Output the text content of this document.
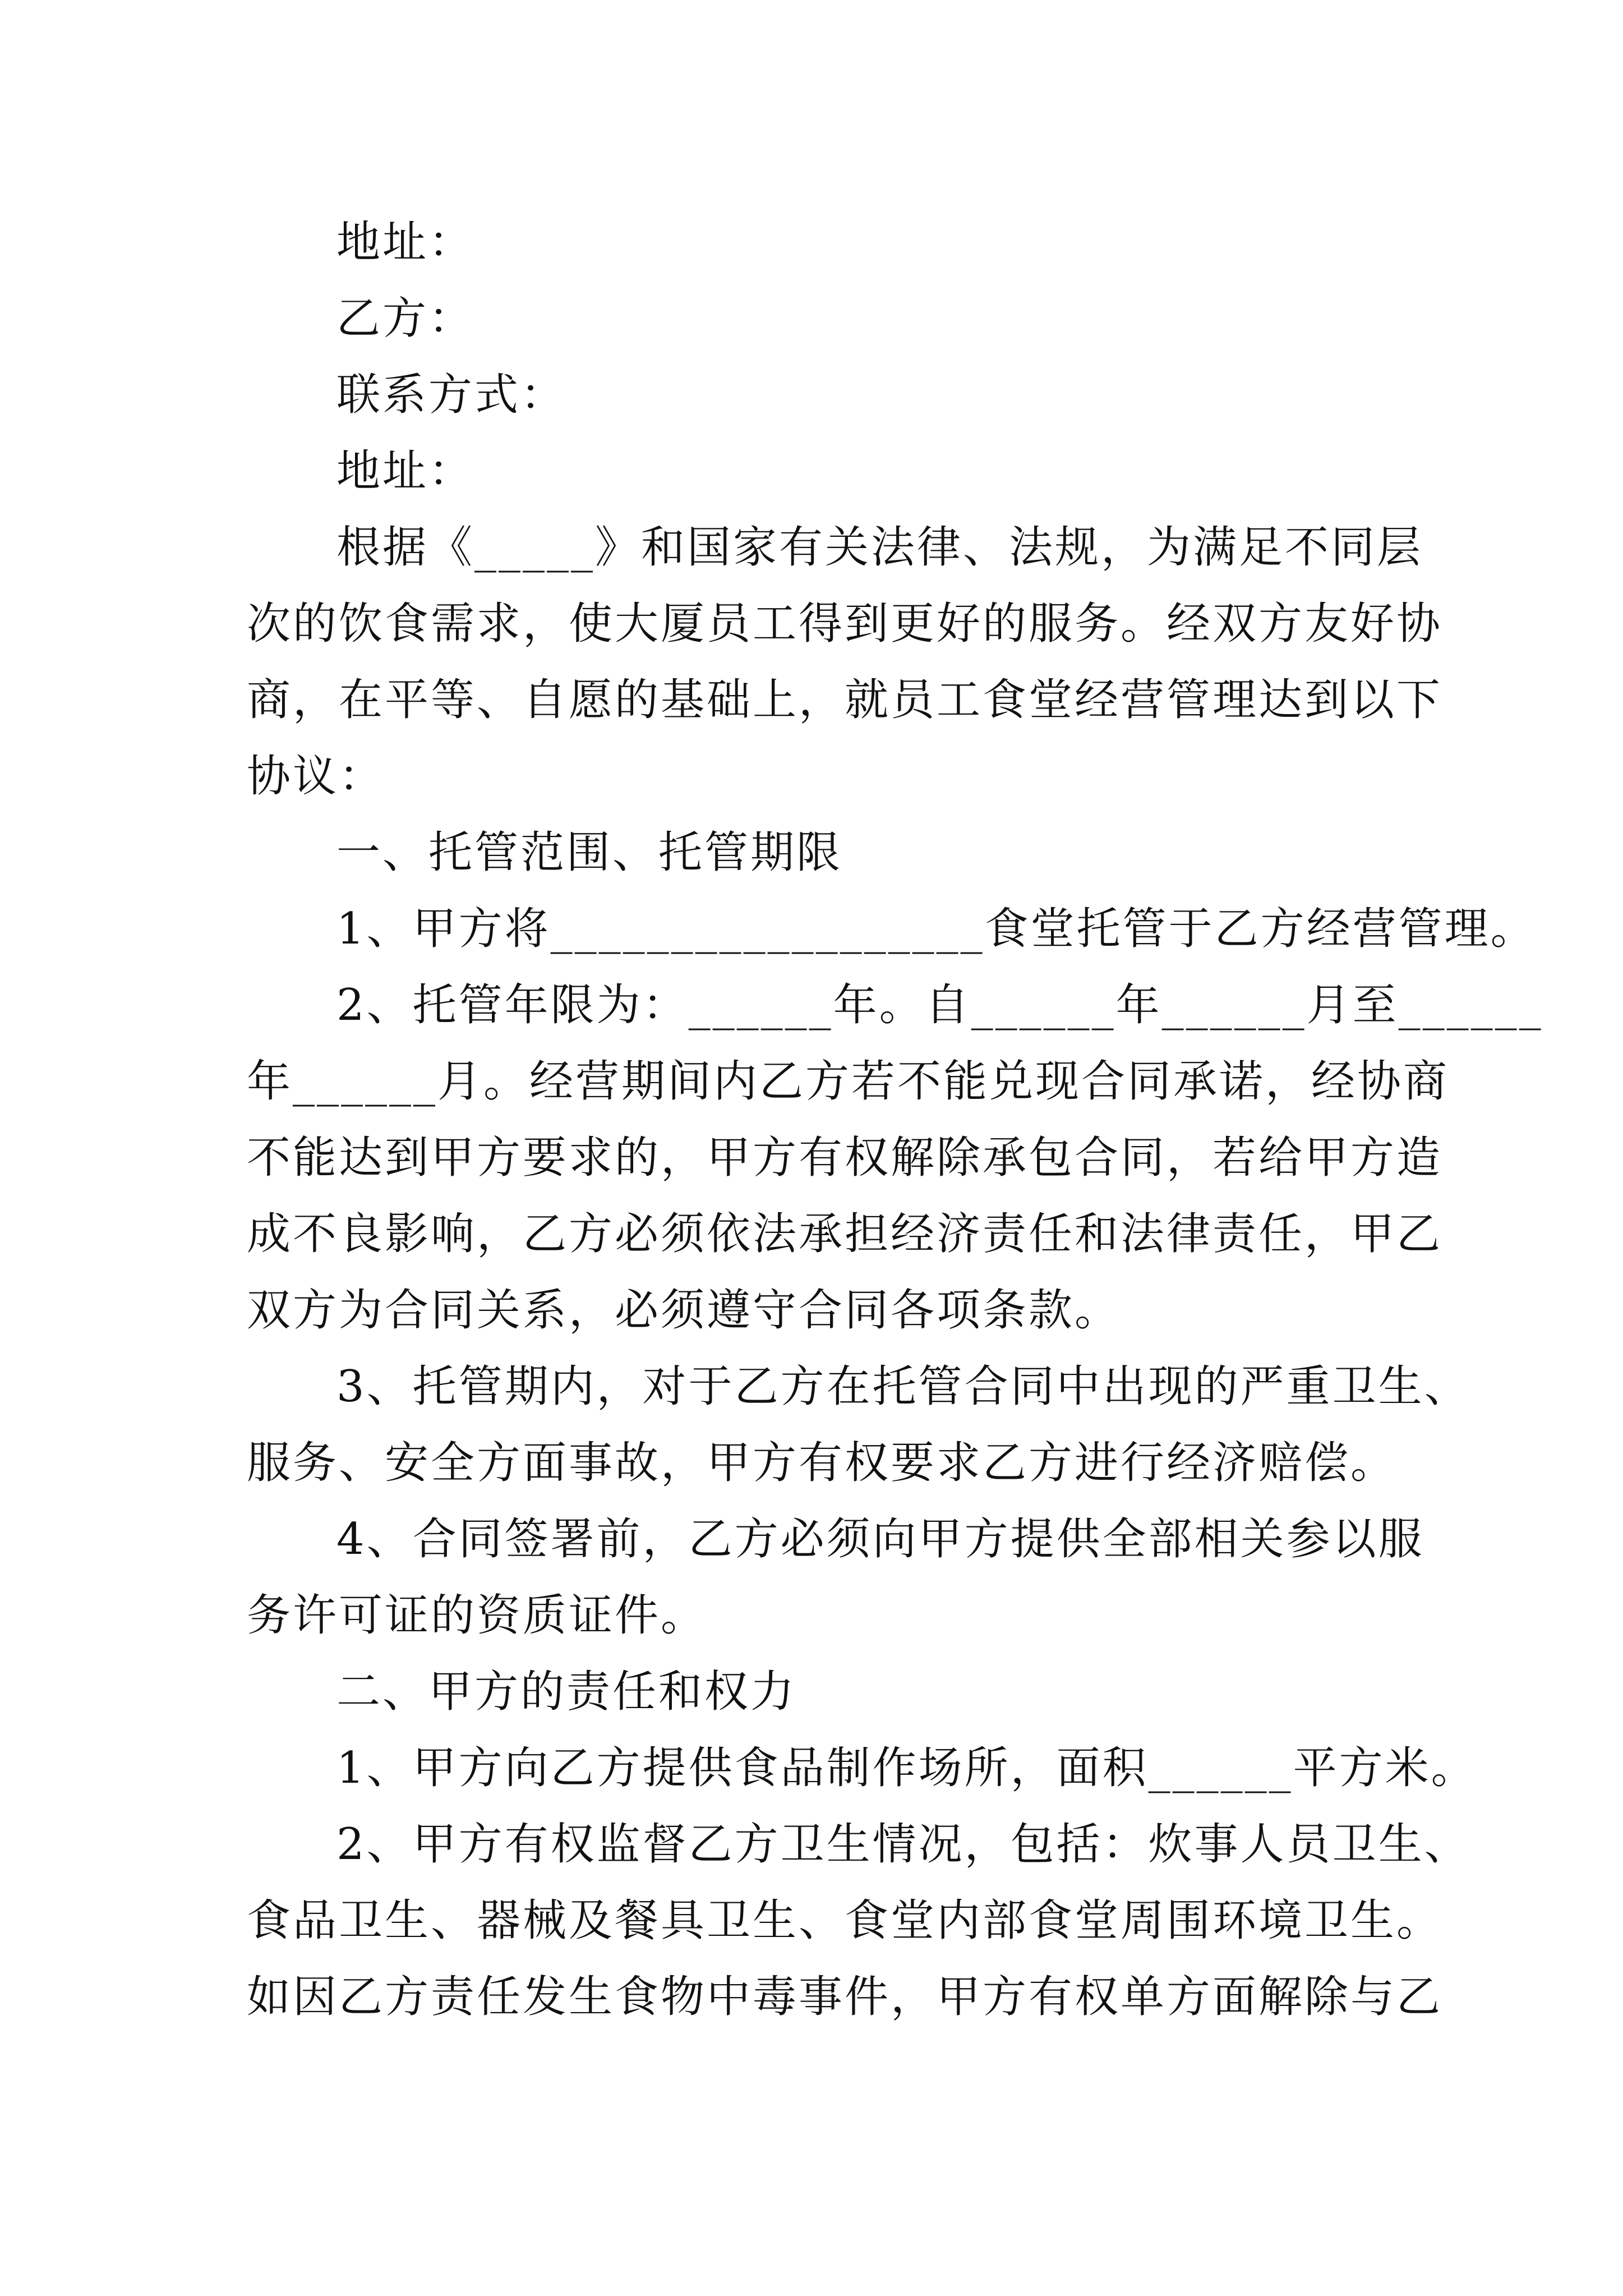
地址：
乙方：
联系方式：
地址：
根据《_____》和国家有关法律、法规，为满足不同层
次的饮食需求，使大厦员工得到更好的服务。经双方友好协
商，在平等、自愿的基础上，就员工食堂经营管理达到以下
协议：
一、托管范围、托管期限
1、甲方将__________________食堂托管于乙方经营管理。
2、托管年限为：______年。自______年______月至______
年______月。经营期间内乙方若不能兑现合同承诺，经协商
不能达到甲方要求的，甲方有权解除承包合同，若给甲方造
成不良影响，乙方必须依法承担经济责任和法律责任，甲乙
双方为合同关系，必须遵守合同各项条款。
3、托管期内，对于乙方在托管合同中出现的严重卫生、
服务、安全方面事故，甲方有权要求乙方进行经济赔偿。
4、合同签署前，乙方必须向甲方提供全部相关参以服
务许可证的资质证件。
二、甲方的责任和权力
1、甲方向乙方提供食品制作场所，面积______平方米。
2、甲方有权监督乙方卫生情况，包括：炊事人员卫生、
食品卫生、器械及餐具卫生、食堂内部食堂周围环境卫生。
如因乙方责任发生食物中毒事件，甲方有权单方面解除与乙
